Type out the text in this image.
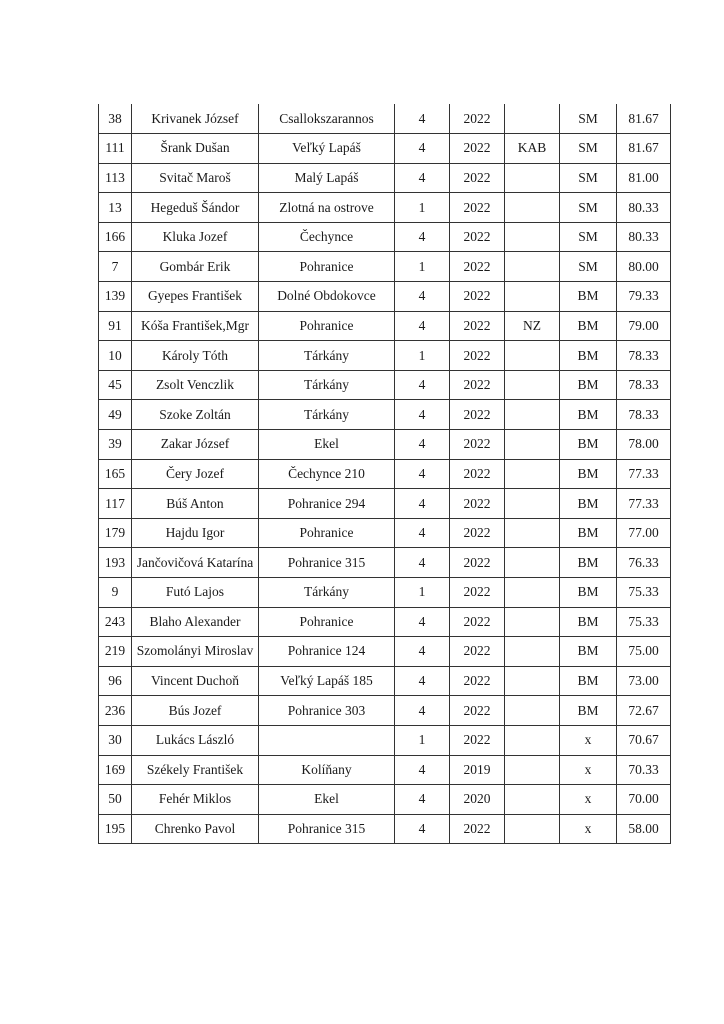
38	Krivanek József	Csallokszarannos	4	2022		SM	81.67
111	Šrank Dušan	Veľký Lapáš	4	2022	KAB	SM	81.67
113	Svitač Maroš	Malý Lapáš	4	2022		SM	81.00
13	Hegeduš Šándor	Zlotná na ostrove	1	2022		SM	80.33
166	Kluka Jozef	Čechynce	4	2022		SM	80.33
7	Gombár Erik	Pohranice	1	2022		SM	80.00
139	Gyepes František	Dolné Obdokovce	4	2022		BM	79.33
91	Kóša František,Mgr	Pohranice	4	2022	NZ	BM	79.00
10	Károly Tóth	Tárkány	1	2022		BM	78.33
45	Zsolt Venczlik	Tárkány	4	2022		BM	78.33
49	Szoke Zoltán	Tárkány	4	2022		BM	78.33
39	Zakar József	Ekel	4	2022		BM	78.00
165	Čery Jozef	Čechynce 210	4	2022		BM	77.33
117	Búš Anton	Pohranice 294	4	2022		BM	77.33
179	Hajdu Igor	Pohranice	4	2022		BM	77.00
193	Jančovičová Katarína	Pohranice 315	4	2022		BM	76.33
9	Futó Lajos	Tárkány	1	2022		BM	75.33
243	Blaho Alexander	Pohranice	4	2022		BM	75.33
219	Szomolányi Miroslav	Pohranice 124	4	2022		BM	75.00
96	Vincent Duchoň	Veľký Lapáš 185	4	2022		BM	73.00
236	Bús Jozef	Pohranice 303	4	2022		BM	72.67
30	Lukács László		1	2022		x	70.67
169	Székely František	Kolíňany	4	2019		x	70.33
50	Fehér Miklos	Ekel	4	2020		x	70.00
195	Chrenko Pavol	Pohranice 315	4	2022		x	58.00
